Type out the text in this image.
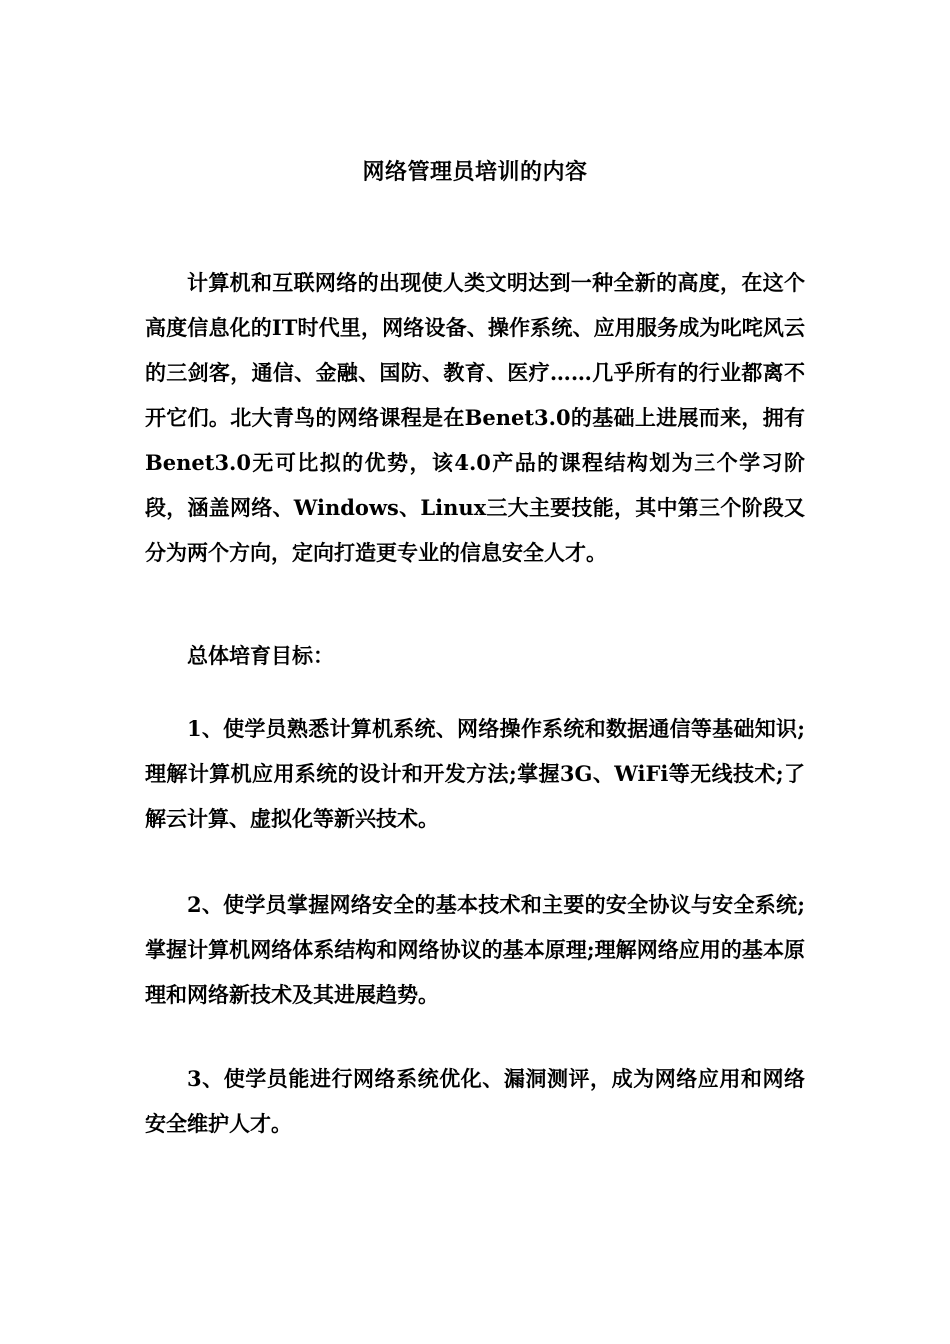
网络管理员培训的内容

计算机和互联网络的出现使人类文明达到一种全新的高度，在这个高度信息化的IT时代里，网络设备、操作系统、应用服务成为叱咤风云的三剑客，通信、金融、国防、教育、医疗……几乎所有的行业都离不开它们。北大青鸟的网络课程是在Benet3.0的基础上进展而来，拥有Benet3.0无可比拟的优势，该4.0产品的课程结构划为三个学习阶段，涵盖网络、Windows、Linux三大主要技能，其中第三个阶段又分为两个方向，定向打造更专业的信息安全人才。

总体培育目标：

1、使学员熟悉计算机系统、网络操作系统和数据通信等基础知识;理解计算机应用系统的设计和开发方法;掌握3G、WiFi等无线技术;了解云计算、虚拟化等新兴技术。

2、使学员掌握网络安全的基本技术和主要的安全协议与安全系统;掌握计算机网络体系结构和网络协议的基本原理;理解网络应用的基本原理和网络新技术及其进展趋势。

3、使学员能进行网络系统优化、漏洞测评，成为网络应用和网络安全维护人才。
